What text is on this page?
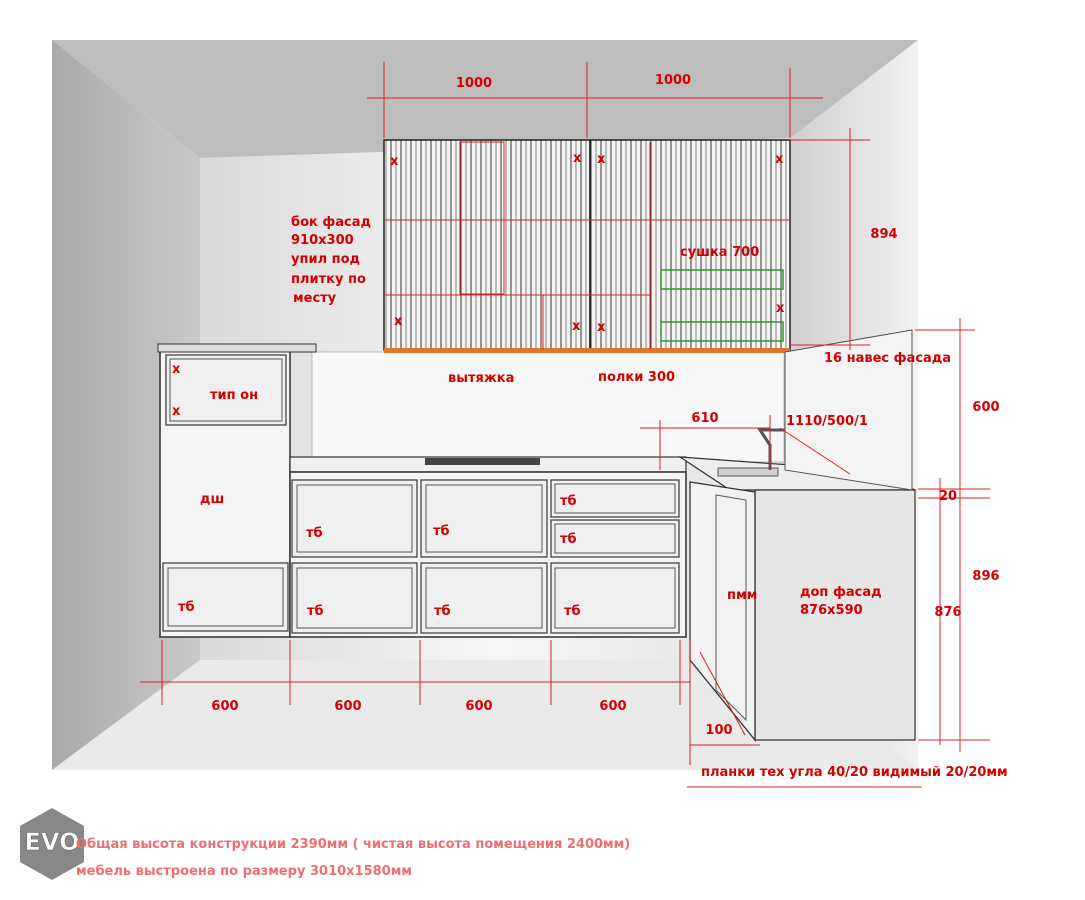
1000	1000
894
600	600	600	600
600
896
876
20
610	1110/500/1
100
бок фасад
910х300
упил под
плитку по
месту
сушка 700
вытяжка	полки 300
16 навес фасада
тип он
дш
тб	тб
тб
тб
тб	тб	тб	тб
пмм	доп фасад
876х590
планки тех угла 40/20 видимый 20/20мм
x	x x	x
x	x x
x
x
x
EVO
Общая высота конструкции 2390мм ( чистая высота помещения 2400мм)
мебель выстроена по размеру 3010х1580мм
